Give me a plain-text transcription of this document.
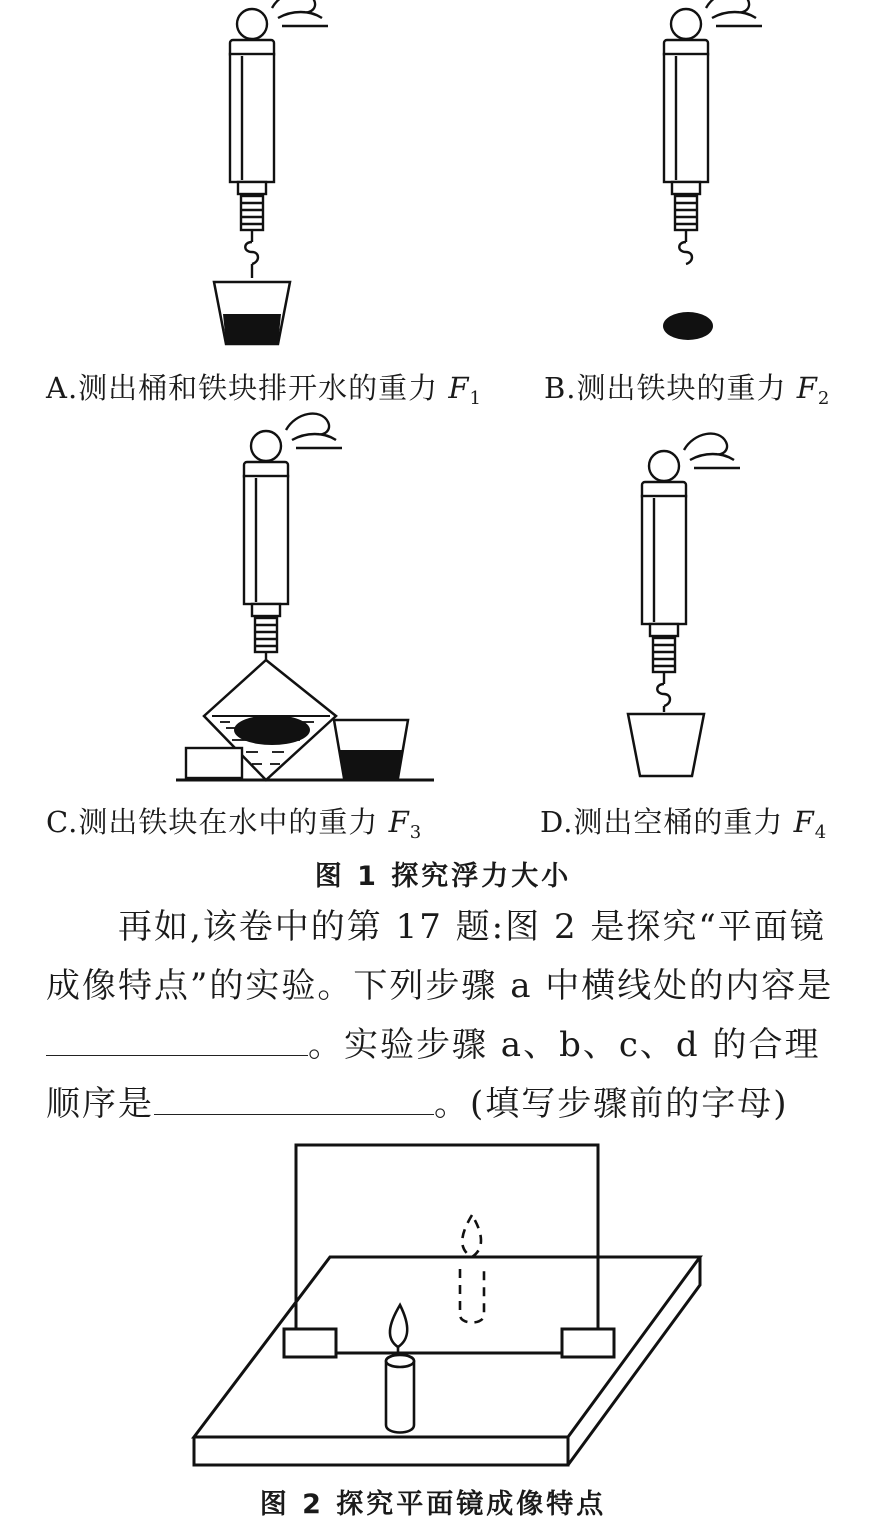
A.测出桶和铁块排开水的重力 $F_1$ B.测出铁块的重力 $F_2$
C.测出铁块在水中的重力 $F_3$	D.测出空桶的重力 $F_4$
图 1 探究浮力大小
再如,该卷中的第 17 题:图 2 是探究“平面镜成像特点”的实验。下列步骤 a 中横线处的内容是。实验步骤 a、b、c、d 的合理顺序是	。(填写步骤前的字母)
图 2 探究平面镜成像特点
